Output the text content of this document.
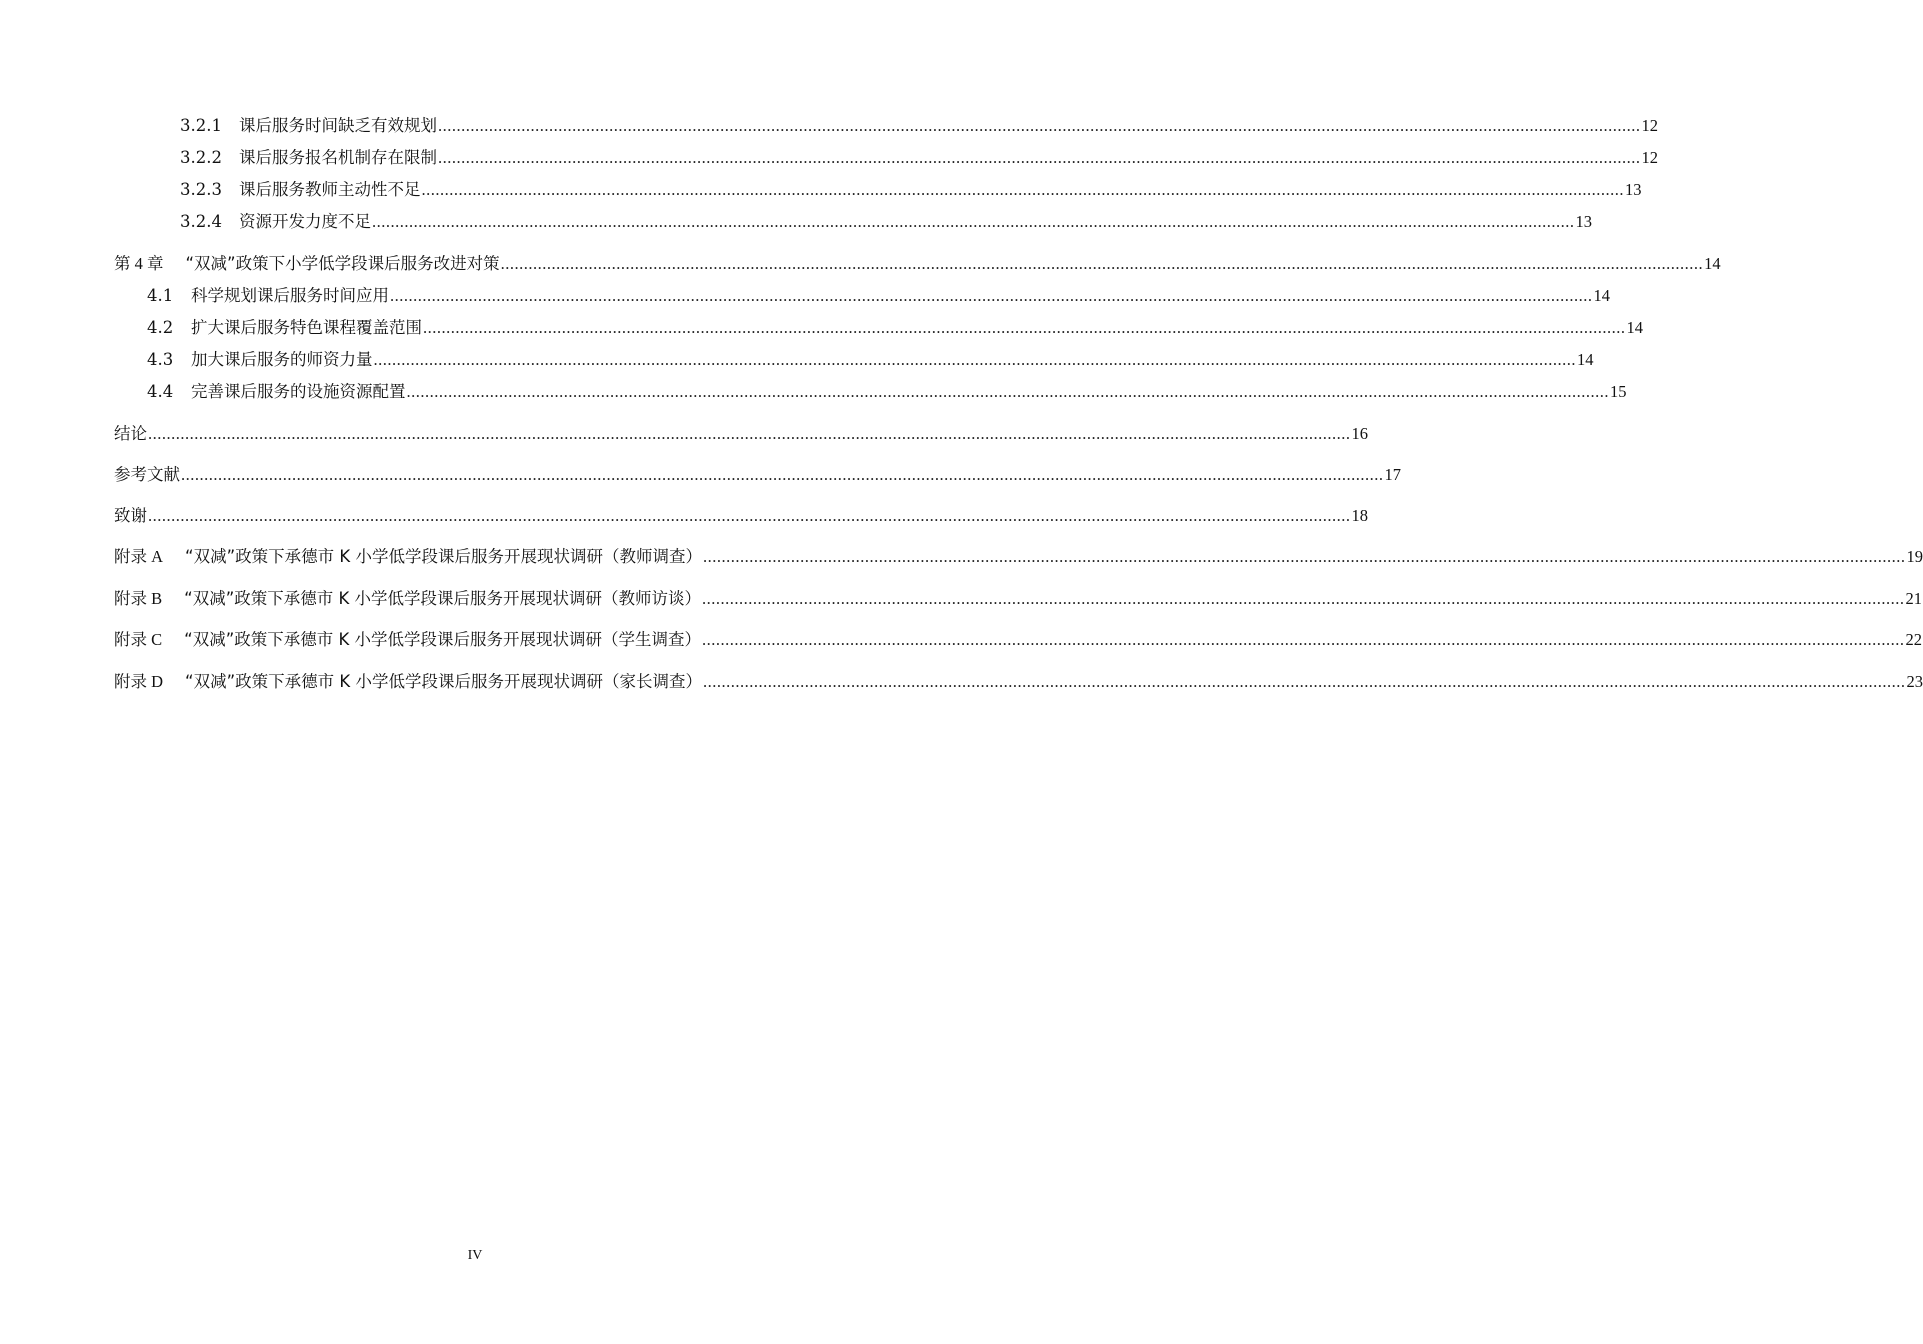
3.2.1	课后服务时间缺乏有效规划 .................................................................................................................................................................................................................................................................... 12
3.2.2	课后服务报名机制存在限制 .................................................................................................................................................................................................................................................................... 12
3.2.3	课后服务教师主动性不足 .................................................................................................................................................................................................................................................................... 13
3.2.4	资源开发力度不足 .................................................................................................................................................................................................................................................................... 13
第 4 章 “双减”政策下小学低学段课后服务改进对策 .................................................................................................................................................................................................................................................................... 14
4.1	科学规划课后服务时间应用 .................................................................................................................................................................................................................................................................... 14
4.2	扩大课后服务特色课程覆盖范围 .................................................................................................................................................................................................................................................................... 14
4.3	加大课后服务的师资力量 .................................................................................................................................................................................................................................................................... 14
4.4	完善课后服务的设施资源配置 .................................................................................................................................................................................................................................................................... 15
结论 .................................................................................................................................................................................................................................................................... 16
参考文献 .................................................................................................................................................................................................................................................................... 17
致谢 .................................................................................................................................................................................................................................................................... 18
附录 A “双减”政策下承德市 K 小学低学段课后服务开展现状调研（教师调查） .................................................................................................................................................................................................................................................................... 19
附录 B “双减”政策下承德市 K 小学低学段课后服务开展现状调研（教师访谈） .................................................................................................................................................................................................................................................................... 21
附录 C “双减”政策下承德市 K 小学低学段课后服务开展现状调研（学生调查） .................................................................................................................................................................................................................................................................... 22
附录 D “双减”政策下承德市 K 小学低学段课后服务开展现状调研（家长调查） .................................................................................................................................................................................................................................................................... 23
IV
